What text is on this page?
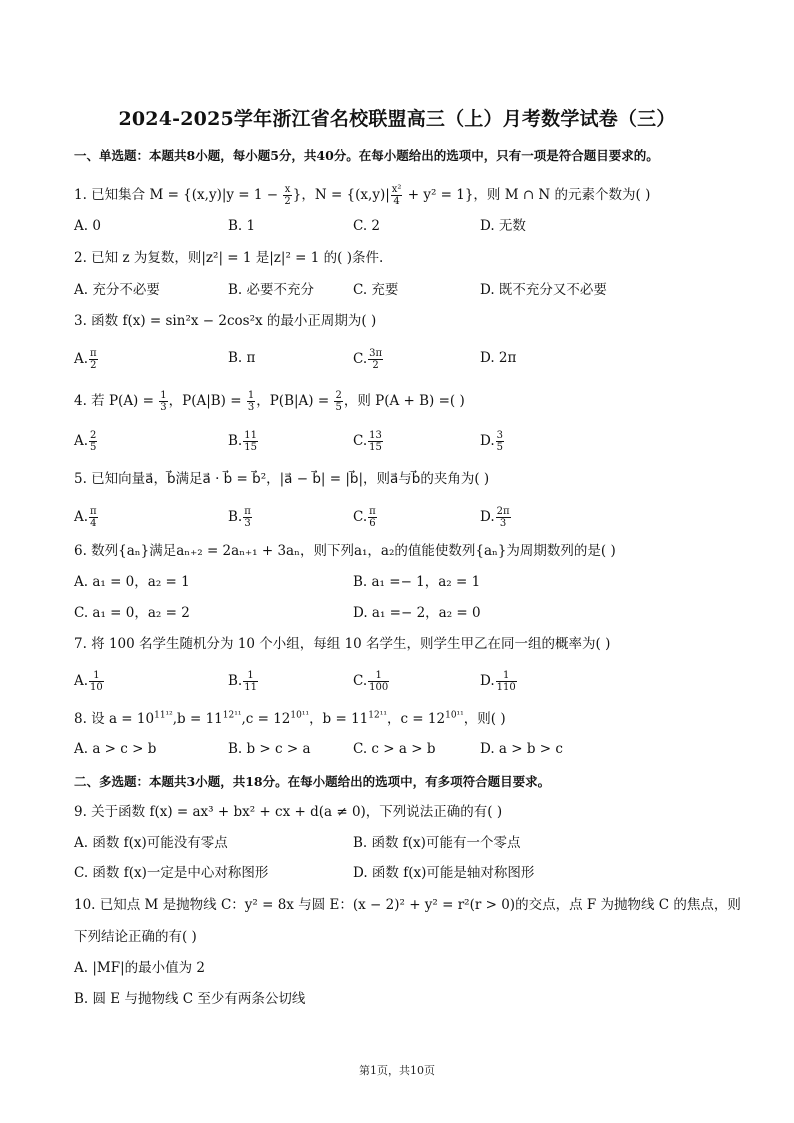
2024-2025学年浙江省名校联盟高三（上）月考数学试卷（三）
一、单选题：本题共8小题，每小题5分，共40分。在每小题给出的选项中，只有一项是符合题目要求的。
1. 已知集合 $M = \{(x,y)|y = 1 - \frac{x}{2}$ }，$N = \{(x,y)| \frac{\text{x²}}{4} + y^2 = 1\}$，则 M ∩ N 的元素个数为( )
A. 0	B. 1	C. 2	D. 无数
2. 已知 z 为复数，则|z²| = 1 是|z|² = 1 的( )条件.
A. 充分不必要	B. 必要不充分	C. 充要	D. 既不充分又不必要
3. 函数 f(x) = sin²x − 2cos²x 的最小正周期为( )
A. $\frac{\pi}{2}$	B. π	C. $\frac{3\pi}{2}$	D. 2π
4. 若 $P(A) = \frac{1}{3}$ ，$P(A|B) = \frac{1}{3}$ ，$P(B|A) = \frac{2}{5}$ ，则 P(A + B) =( )
A. $\frac{2}{5}$	B. $\frac{11}{15}$	C. $\frac{13}{15}$	D. $\frac{3}{5}$
5. 已知向量a⃗，b⃗满足a⃗ · b⃗ = b⃗²，|a⃗ − b⃗| = |b⃗|，则a⃗与b⃗的夹角为( )
A. $\frac{\pi}{4}$	B. $\frac{\pi}{3}$	C. $\frac{\pi}{6}$	D. $\frac{2\pi}{3}$
6. 数列{aₙ}满足aₙ₊₂ = 2aₙ₊₁ + 3aₙ，则下列a₁，a₂的值能使数列{aₙ}为周期数列的是( )
A. a₁ = 0，a₂ = 1	B. a₁ =− 1，a₂ = 1
C. a₁ = 0，a₂ = 2	D. a₁ =− 2，a₂ = 0
7. 将 100 名学生随机分为 10 个小组，每组 10 名学生，则学生甲乙在同一组的概率为( )
A. $\frac{1}{10}$	B. $\frac{1}{11}$	C. $\frac{1}{100}$	D. $\frac{1}{110}$
8. 设 $a = 10^{11^{12}},b = 11^{12^{11}},c = 12^{10^{11}}$，$b = 11^{12^{11}}$，$c = 12^{10^{11}}$，则( )
A. a > c > b	B. b > c > a	C. c > a > b	D. a > b > c
二、多选题：本题共3小题，共18分。在每小题给出的选项中，有多项符合题目要求。
9. 关于函数 f(x) = ax³ + bx² + cx + d(a ≠ 0)，下列说法正确的有( )
A. 函数 f(x)可能没有零点	B. 函数 f(x)可能有一个零点
C. 函数 f(x)一定是中心对称图形	D. 函数 f(x)可能是轴对称图形
10. 已知点 M 是抛物线 C：y² = 8x 与圆 E：(x − 2)² + y² = r²(r > 0)的交点，点 F 为抛物线 C 的焦点，则
下列结论正确的有( )
A. |MF|的最小值为 2
B. 圆 E 与抛物线 C 至少有两条公切线
第1页，共10页
